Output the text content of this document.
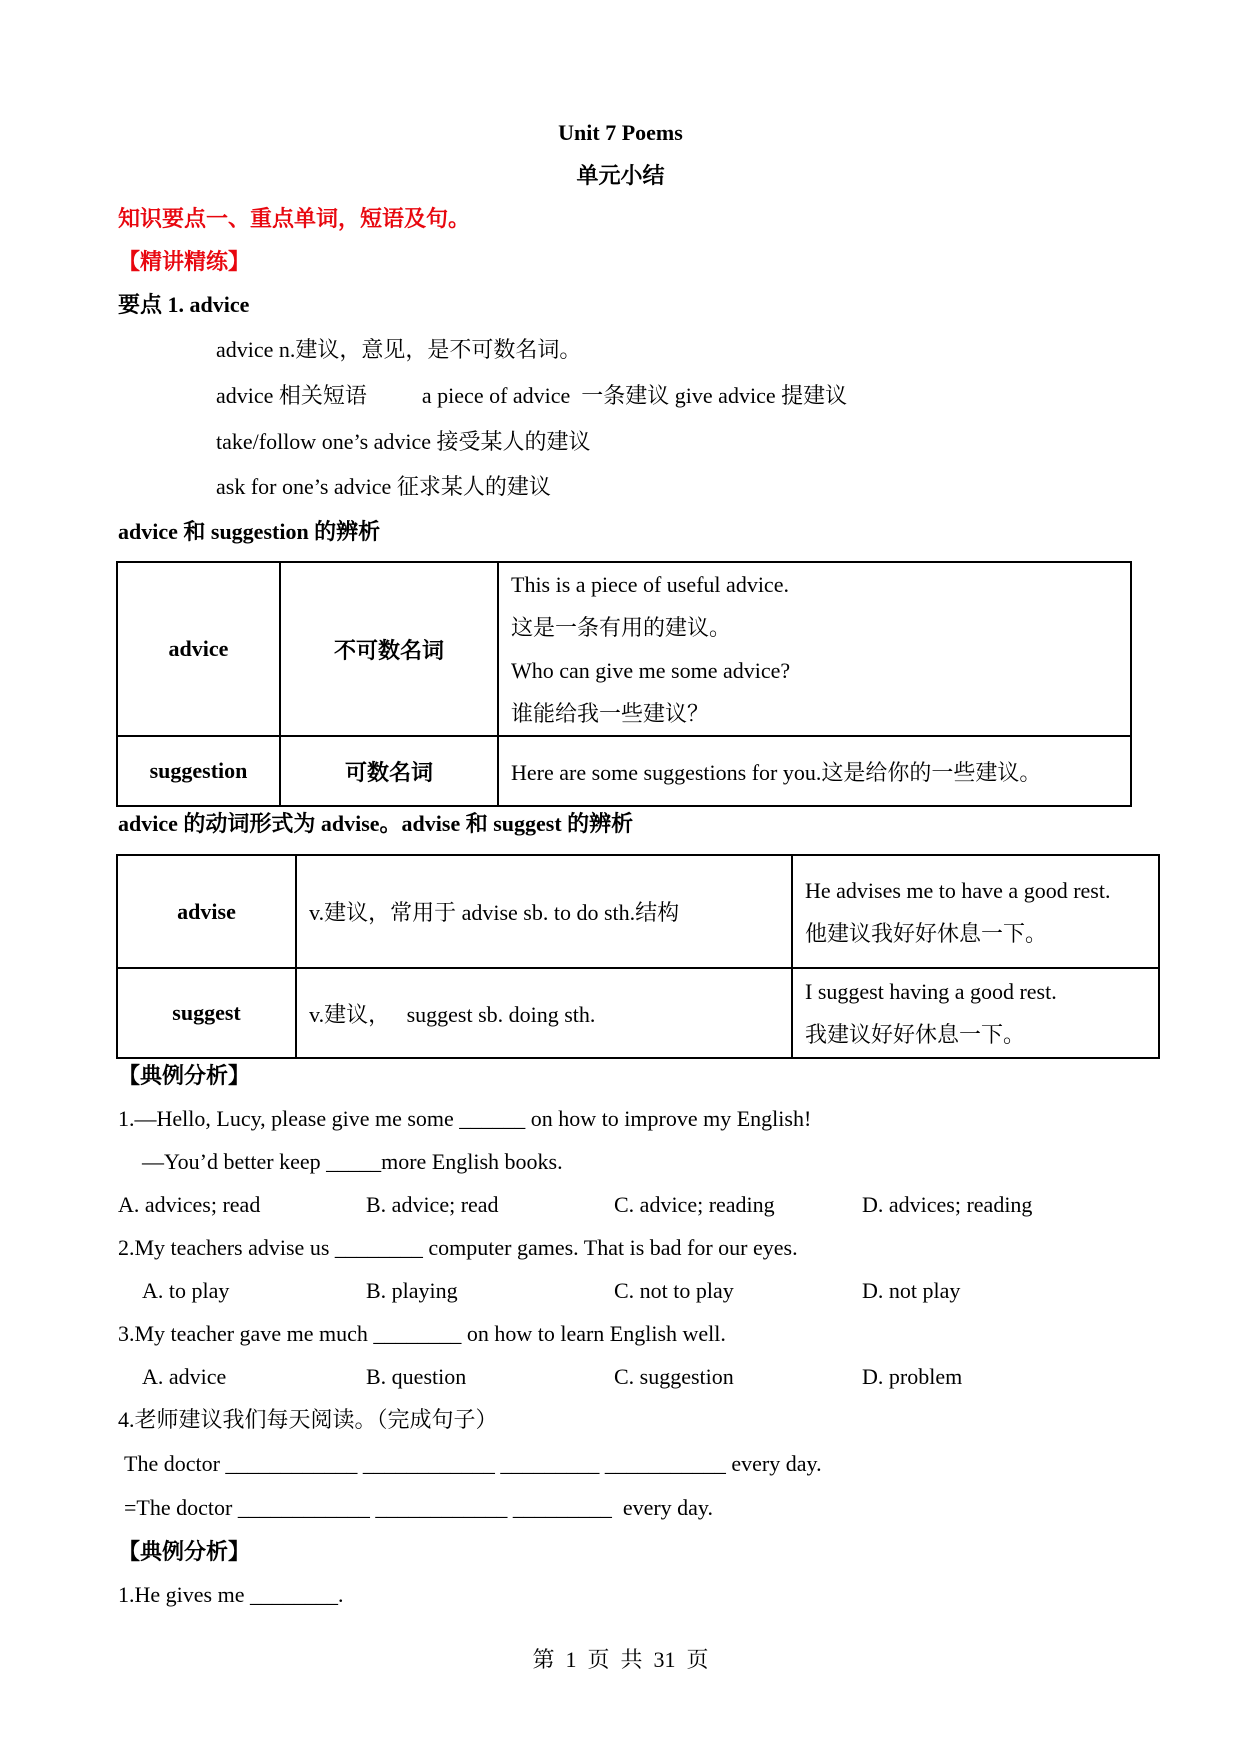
Unit 7 Poems
单元小结
知识要点一、重点单词，短语及句。
【精讲精练】
要点 1. advice
advice n.建议，意见，是不可数名词。
advice 相关短语          a piece of advice  一条建议 give advice 提建议
take/follow one’s advice 接受某人的建议
ask for one’s advice 征求某人的建议
advice 和 suggestion 的辨析
advice	不可数名词	This is a piece of useful advice.
这是一条有用的建议。
Who can give me some advice?
谁能给我一些建议？

suggestion	可数名词	Here are some suggestions for you.这是给你的一些建议。
advice 的动词形式为 advise。advise 和 suggest 的辨析
advise	v.建议，常用于 advise sb. to do sth.结构	He advises me to have a good rest.
他建议我好好休息一下。

suggest	v.建议，   suggest sb. doing sth.	I suggest having a good rest.
我建议好好休息一下。
【典例分析】
1.—Hello, Lucy, please give me some ______ on how to improve my English!
—You’d better keep _____more English books.
A. advices; read	B. advice; read	C. advice; reading	D. advices; reading
2.My teachers advise us ________ computer games. That is bad for our eyes.
A. to play	B. playing	C. not to play	D. not play
3.My teacher gave me much ________ on how to learn English well.
A. advice	B. question	C. suggestion	D. problem
4.老师建议我们每天阅读。（完成句子）
The doctor ____________ ____________ _________ ___________ every day.
=The doctor ____________ ____________ _________  every day.
【典例分析】
1.He gives me ________.
第  1  页  共  31  页
